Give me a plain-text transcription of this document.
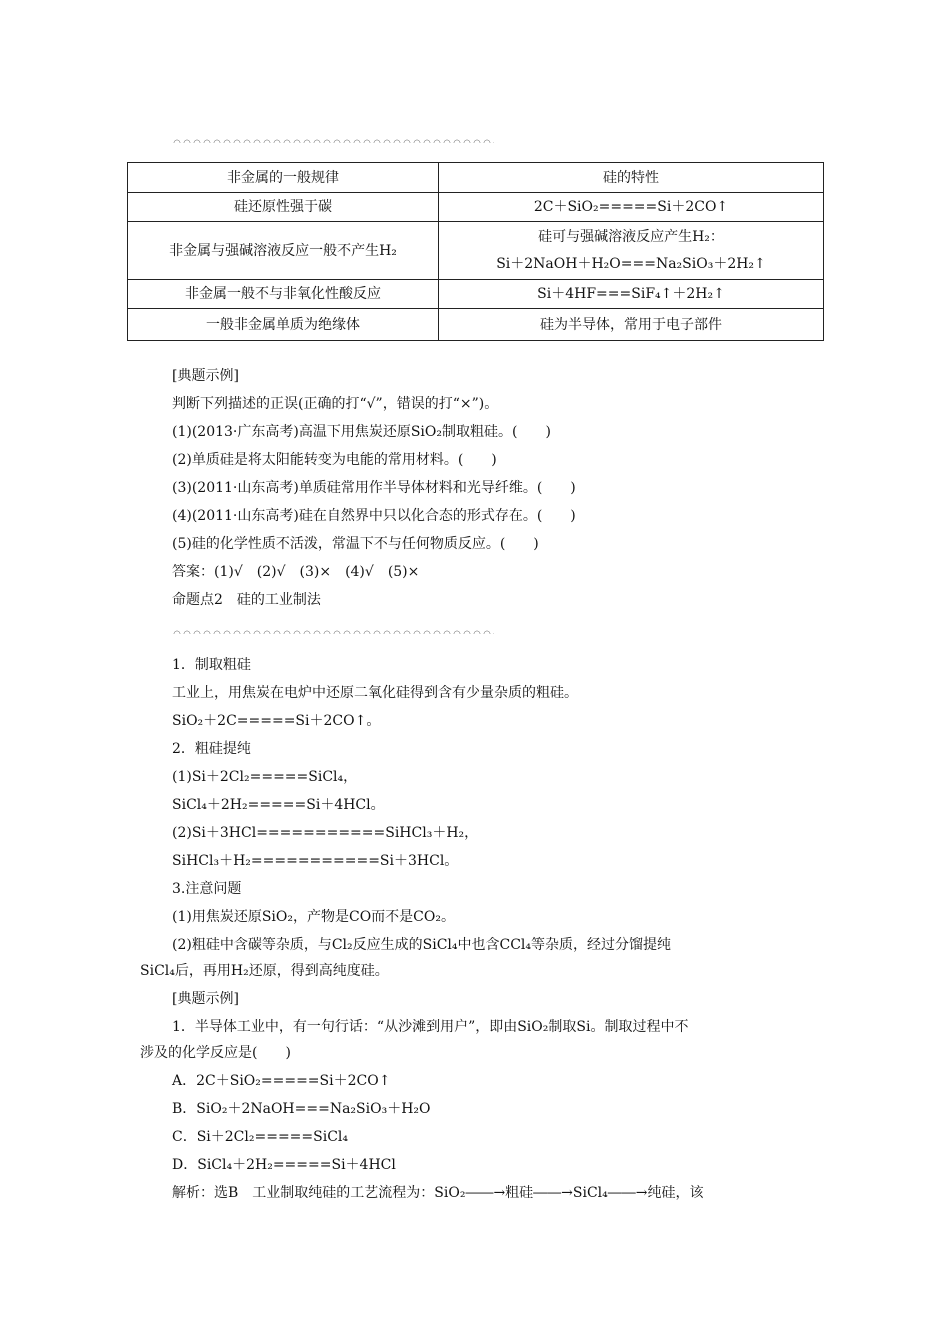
非金属的一般规律	硅的特性
硅还原性强于碳	2C＋SiO₂=====Si＋2CO↑
非金属与强碱溶液反应一般不产生H₂	硅可与强碱溶液反应产生H₂：
Si＋2NaOH＋H₂O===Na₂SiO₃＋2H₂↑

非金属一般不与非氧化性酸反应	Si＋4HF===SiF₄↑＋2H₂↑
一般非金属单质为绝缘体	硅为半导体，常用于电子部件
[典题示例]
判断下列描述的正误(正确的打“√”，错误的打“×”)。
(1)(2013·广东高考)高温下用焦炭还原SiO₂制取粗硅。(　　)
(2)单质硅是将太阳能转变为电能的常用材料。(　　)
(3)(2011·山东高考)单质硅常用作半导体材料和光导纤维。(　　)
(4)(2011·山东高考)硅在自然界中只以化合态的形式存在。(　　)
(5)硅的化学性质不活泼，常温下不与任何物质反应。(　　)
答案：(1)√　(2)√　(3)×　(4)√　(5)×
命题点2　硅的工业制法
1．制取粗硅
工业上，用焦炭在电炉中还原二氧化硅得到含有少量杂质的粗硅。
SiO₂＋2C=====Si＋2CO↑。
2．粗硅提纯
(1)Si＋2Cl₂=====SiCl₄，
SiCl₄＋2H₂=====Si＋4HCl。
(2)Si＋3HCl===========SiHCl₃＋H₂，
SiHCl₃＋H₂===========Si＋3HCl。
3.注意问题
(1)用焦炭还原SiO₂，产物是CO而不是CO₂。
(2)粗硅中含碳等杂质，与Cl₂反应生成的SiCl₄中也含CCl₄等杂质，经过分馏提纯
SiCl₄后，再用H₂还原，得到高纯度硅。
[典题示例]
1．半导体工业中，有一句行话：“从沙滩到用户”，即由SiO₂制取Si。制取过程中不
涉及的化学反应是(　　)
A．2C＋SiO₂=====Si＋2CO↑
B．SiO₂＋2NaOH===Na₂SiO₃＋H₂O
C．Si＋2Cl₂=====SiCl₄
D．SiCl₄＋2H₂=====Si＋4HCl
解析：选B　工业制取纯硅的工艺流程为：SiO₂――→粗硅――→SiCl₄――→纯硅，该
